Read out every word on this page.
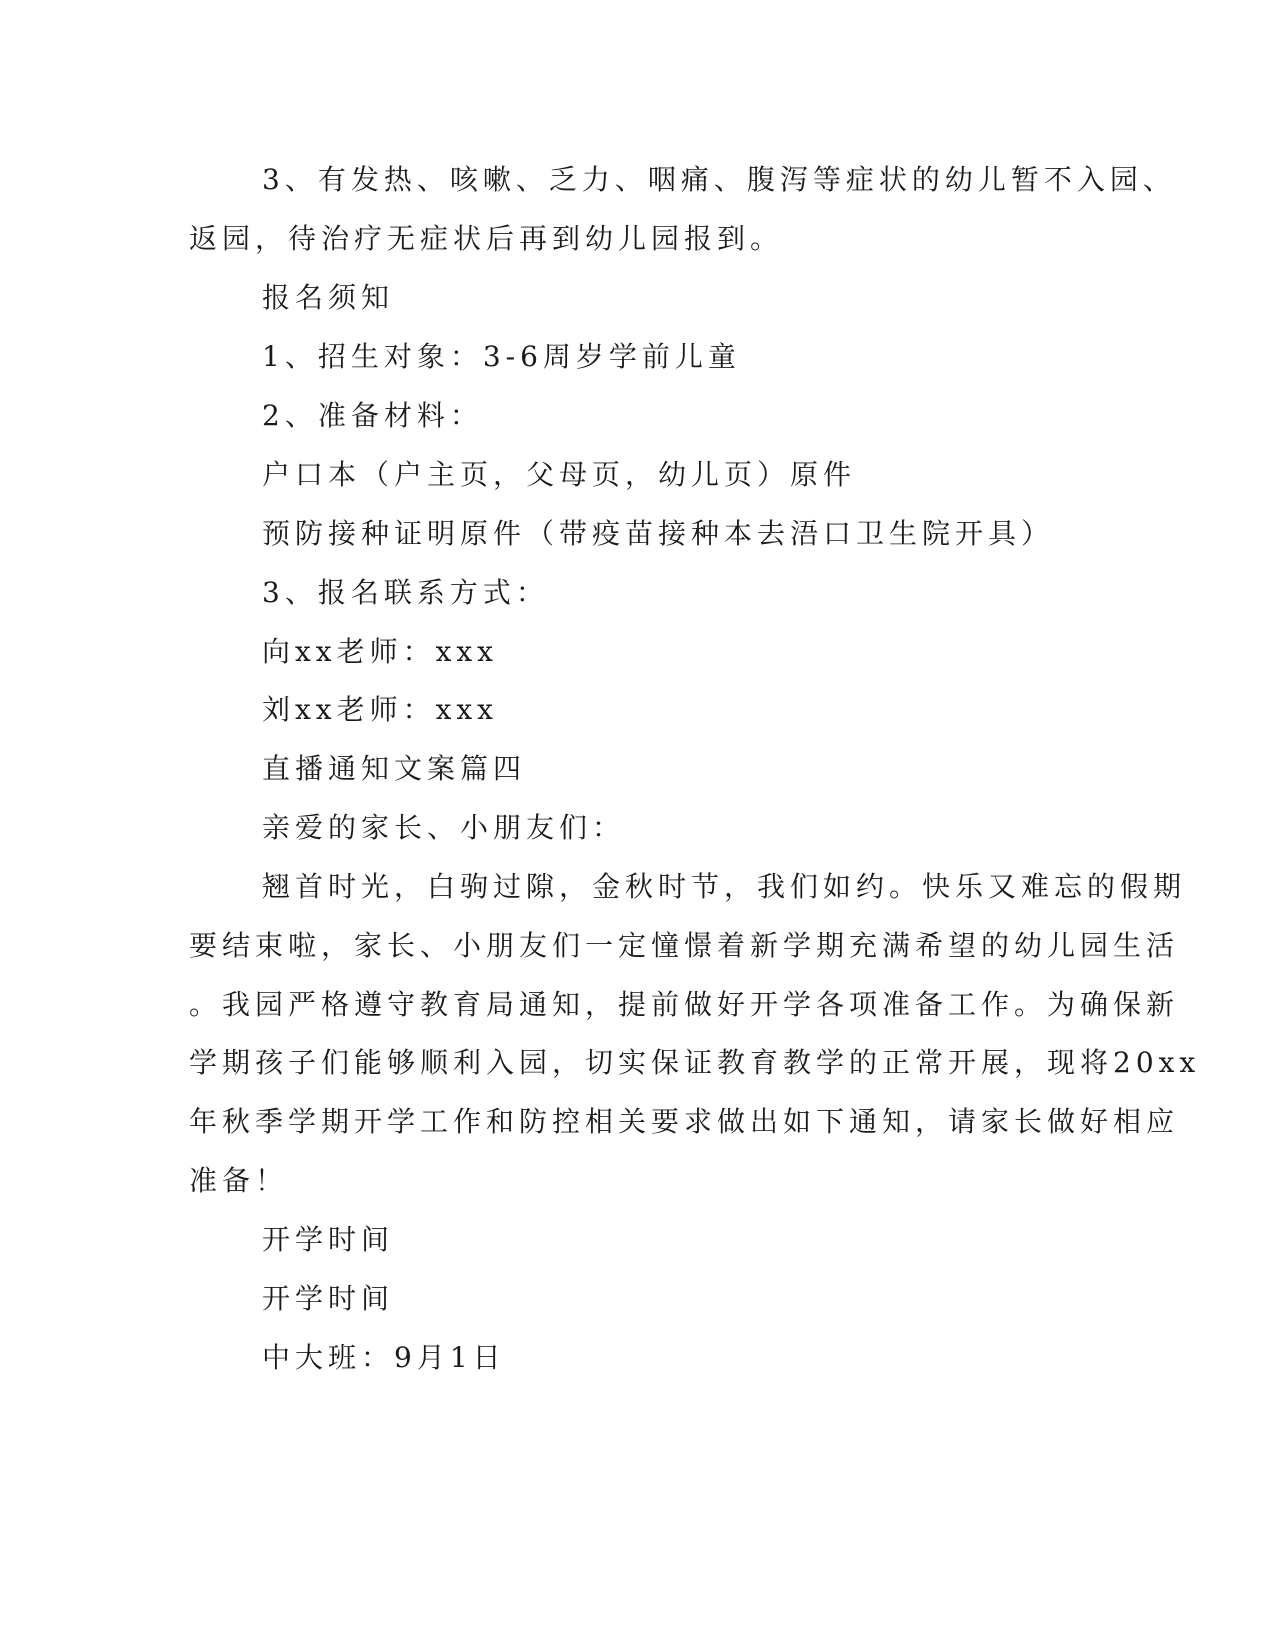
3、有发热、咳嗽、乏力、咽痛、腹泻等症状的幼儿暂不入园、
返园，待治疗无症状后再到幼儿园报到。
报名须知
1、招生对象：3-6周岁学前儿童
2、准备材料：
户口本（户主页，父母页，幼儿页）原件
预防接种证明原件（带疫苗接种本去浯口卫生院开具）
3、报名联系方式：
向xx老师：xxx
刘xx老师：xxx
直播通知文案篇四
亲爱的家长、小朋友们：
翘首时光，白驹过隙，金秋时节，我们如约。快乐又难忘的假期
要结束啦，家长、小朋友们一定憧憬着新学期充满希望的幼儿园生活
。我园严格遵守教育局通知，提前做好开学各项准备工作。为确保新
学期孩子们能够顺利入园，切实保证教育教学的正常开展，现将20xx
年秋季学期开学工作和防控相关要求做出如下通知，请家长做好相应
准备！
开学时间
开学时间
中大班：9月1日
